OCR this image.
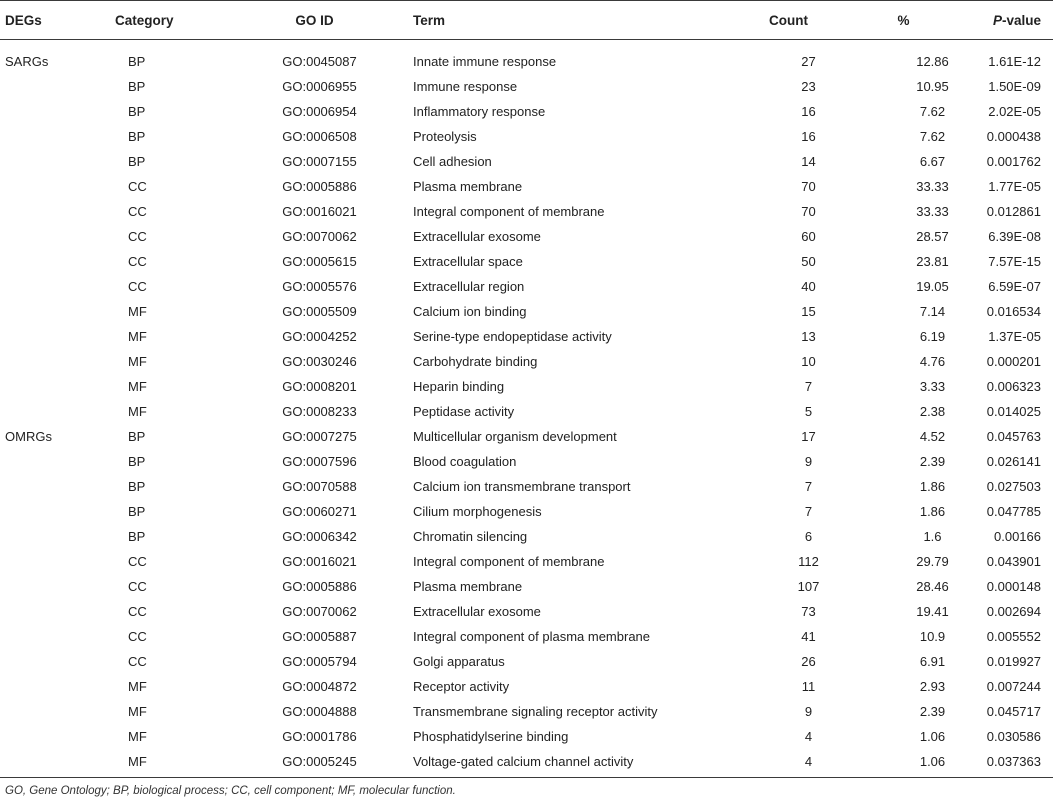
DEGs	Category	GO ID	Term	Count	%	P-value
SARGs	BP	GO:0045087	Innate immune response	27	12.86	1.61E-12
	BP	GO:0006955	Immune response	23	10.95	1.50E-09
	BP	GO:0006954	Inflammatory response	16	7.62	2.02E-05
	BP	GO:0006508	Proteolysis	16	7.62	0.000438
	BP	GO:0007155	Cell adhesion	14	6.67	0.001762
	CC	GO:0005886	Plasma membrane	70	33.33	1.77E-05
	CC	GO:0016021	Integral component of membrane	70	33.33	0.012861
	CC	GO:0070062	Extracellular exosome	60	28.57	6.39E-08
	CC	GO:0005615	Extracellular space	50	23.81	7.57E-15
	CC	GO:0005576	Extracellular region	40	19.05	6.59E-07
	MF	GO:0005509	Calcium ion binding	15	7.14	0.016534
	MF	GO:0004252	Serine-type endopeptidase activity	13	6.19	1.37E-05
	MF	GO:0030246	Carbohydrate binding	10	4.76	0.000201
	MF	GO:0008201	Heparin binding	7	3.33	0.006323
	MF	GO:0008233	Peptidase activity	5	2.38	0.014025
OMRGs	BP	GO:0007275	Multicellular organism development	17	4.52	0.045763
	BP	GO:0007596	Blood coagulation	9	2.39	0.026141
	BP	GO:0070588	Calcium ion transmembrane transport	7	1.86	0.027503
	BP	GO:0060271	Cilium morphogenesis	7	1.86	0.047785
	BP	GO:0006342	Chromatin silencing	6	1.6	0.00166
	CC	GO:0016021	Integral component of membrane	112	29.79	0.043901
	CC	GO:0005886	Plasma membrane	107	28.46	0.000148
	CC	GO:0070062	Extracellular exosome	73	19.41	0.002694
	CC	GO:0005887	Integral component of plasma membrane	41	10.9	0.005552
	CC	GO:0005794	Golgi apparatus	26	6.91	0.019927
	MF	GO:0004872	Receptor activity	11	2.93	0.007244
	MF	GO:0004888	Transmembrane signaling receptor activity	9	2.39	0.045717
	MF	GO:0001786	Phosphatidylserine binding	4	1.06	0.030586
	MF	GO:0005245	Voltage-gated calcium channel activity	4	1.06	0.037363
GO, Gene Ontology; BP, biological process; CC, cell component; MF, molecular function.
